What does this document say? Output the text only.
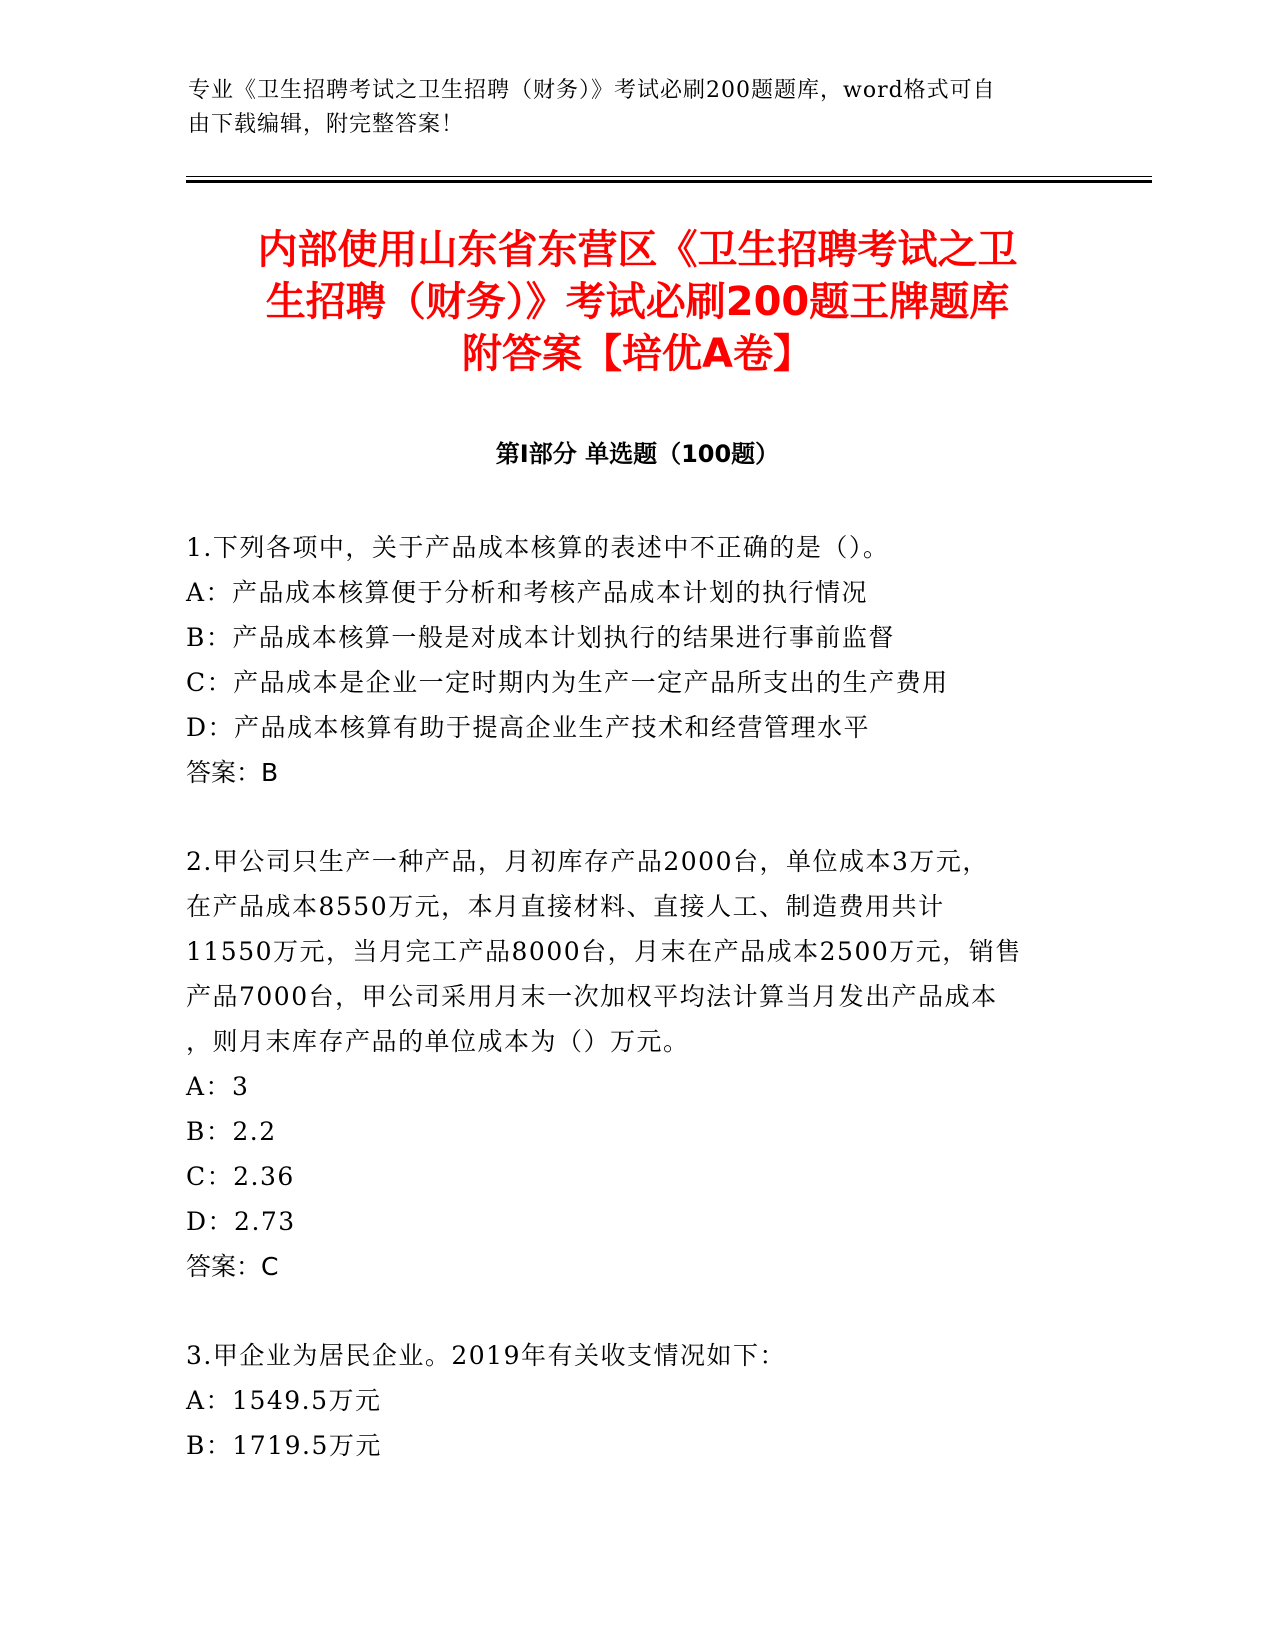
专业《卫生招聘考试之卫生招聘（财务）》考试必刷200题题库，word格式可自
由下载编辑，附完整答案！
内部使用山东省东营区《卫生招聘考试之卫
生招聘（财务）》考试必刷200题王牌题库
附答案【培优A卷】
第Ⅰ部分 单选题（100题）
1.下列各项中，关于产品成本核算的表述中不正确的是（）。
A：产品成本核算便于分析和考核产品成本计划的执行情况
B：产品成本核算一般是对成本计划执行的结果进行事前监督
C：产品成本是企业一定时期内为生产一定产品所支出的生产费用
D：产品成本核算有助于提高企业生产技术和经营管理水平
答案：B
2.甲公司只生产一种产品，月初库存产品2000台，单位成本3万元，
在产品成本8550万元，本月直接材料、直接人工、制造费用共计
11550万元，当月完工产品8000台，月末在产品成本2500万元，销售
产品7000台，甲公司采用月末一次加权平均法计算当月发出产品成本
，则月末库存产品的单位成本为（）万元。
A：3
B：2.2
C：2.36
D：2.73
答案：C
3.甲企业为居民企业。2019年有关收支情况如下：
A：1549.5万元
B：1719.5万元
